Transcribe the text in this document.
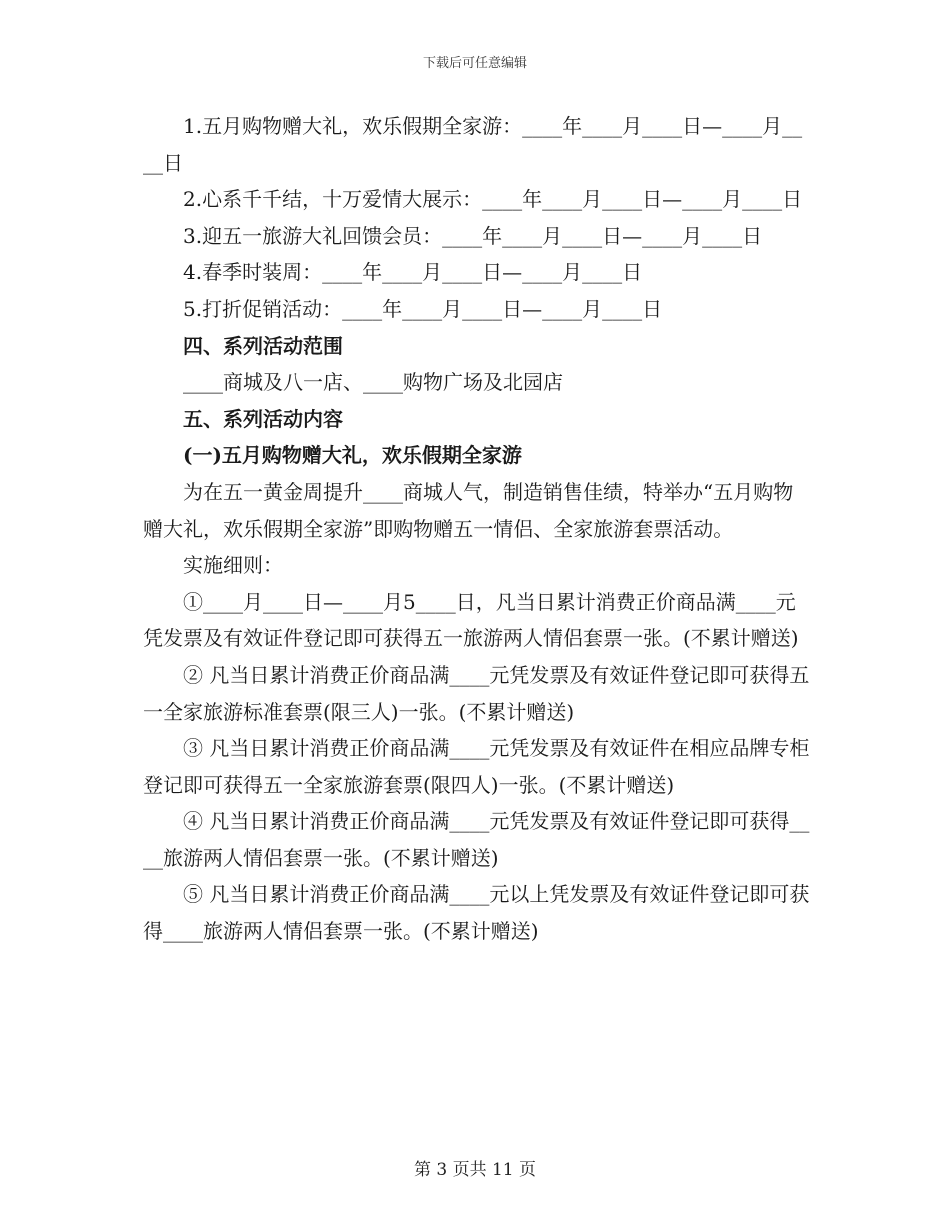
下载后可任意编辑

1.五月购物赠大礼，欢乐假期全家游：____年____月____日—____月____日

2.心系千千结，十万爱情大展示：____年____月____日—____月____日

3.迎五一旅游大礼回馈会员：____年____月____日—____月____日

4.春季时装周：____年____月____日—____月____日

5.打折促销活动：____年____月____日—____月____日

四、系列活动范围

____商城及八一店、____购物广场及北园店

五、系列活动内容

(一)五月购物赠大礼，欢乐假期全家游

为在五一黄金周提升____商城人气，制造销售佳绩，特举办“五月购物赠大礼，欢乐假期全家游”即购物赠五一情侣、全家旅游套票活动。

实施细则：

①____月____日—____月5____日，凡当日累计消费正价商品满____元凭发票及有效证件登记即可获得五一旅游两人情侣套票一张。(不累计赠送)

② 凡当日累计消费正价商品满____元凭发票及有效证件登记即可获得五一全家旅游标准套票(限三人)一张。(不累计赠送)

③ 凡当日累计消费正价商品满____元凭发票及有效证件在相应品牌专柜登记即可获得五一全家旅游套票(限四人)一张。(不累计赠送)

④ 凡当日累计消费正价商品满____元凭发票及有效证件登记即可获得____旅游两人情侣套票一张。(不累计赠送)

⑤ 凡当日累计消费正价商品满____元以上凭发票及有效证件登记即可获得____旅游两人情侣套票一张。(不累计赠送)

第 3 页共 11 页
